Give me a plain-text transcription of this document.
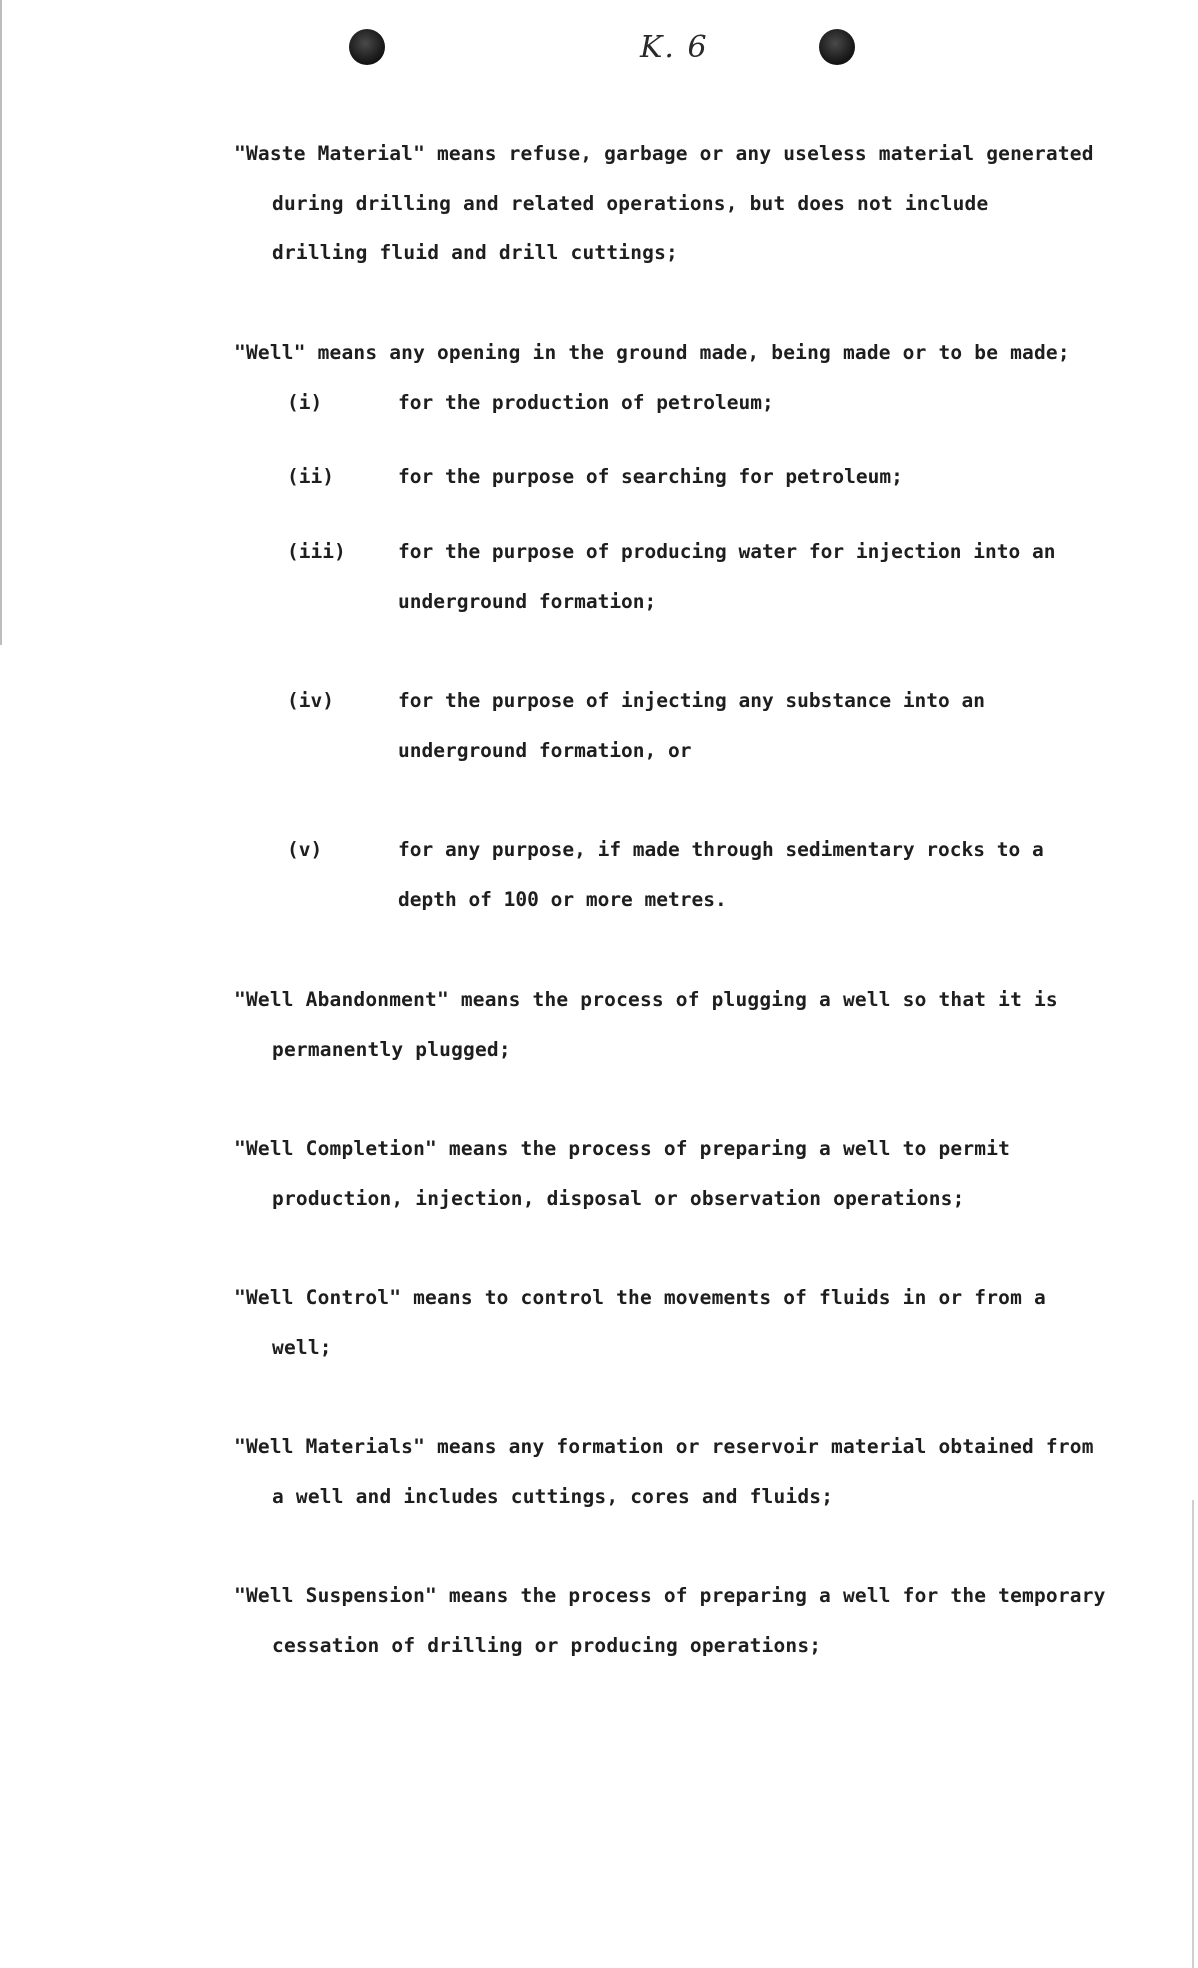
K. 6
"Waste Material" means refuse, garbage or any useless material generated
during drilling and related operations, but does not include
drilling fluid and drill cuttings;
"Well" means any opening in the ground made, being made or to be made;
(i)	for the production of petroleum;
(ii)	for the purpose of searching for petroleum;
(iii)	for the purpose of producing water for injection into an
underground formation;
(iv)	for the purpose of injecting any substance into an
underground formation, or
(v)	for any purpose, if made through sedimentary rocks to a
depth of 100 or more metres.
"Well Abandonment" means the process of plugging a well so that it is
permanently plugged;
"Well Completion" means the process of preparing a well to permit
production, injection, disposal or observation operations;
"Well Control" means to control the movements of fluids in or from a
well;
"Well Materials" means any formation or reservoir material obtained from
a well and includes cuttings, cores and fluids;
"Well Suspension" means the process of preparing a well for the temporary
cessation of drilling or producing operations;
